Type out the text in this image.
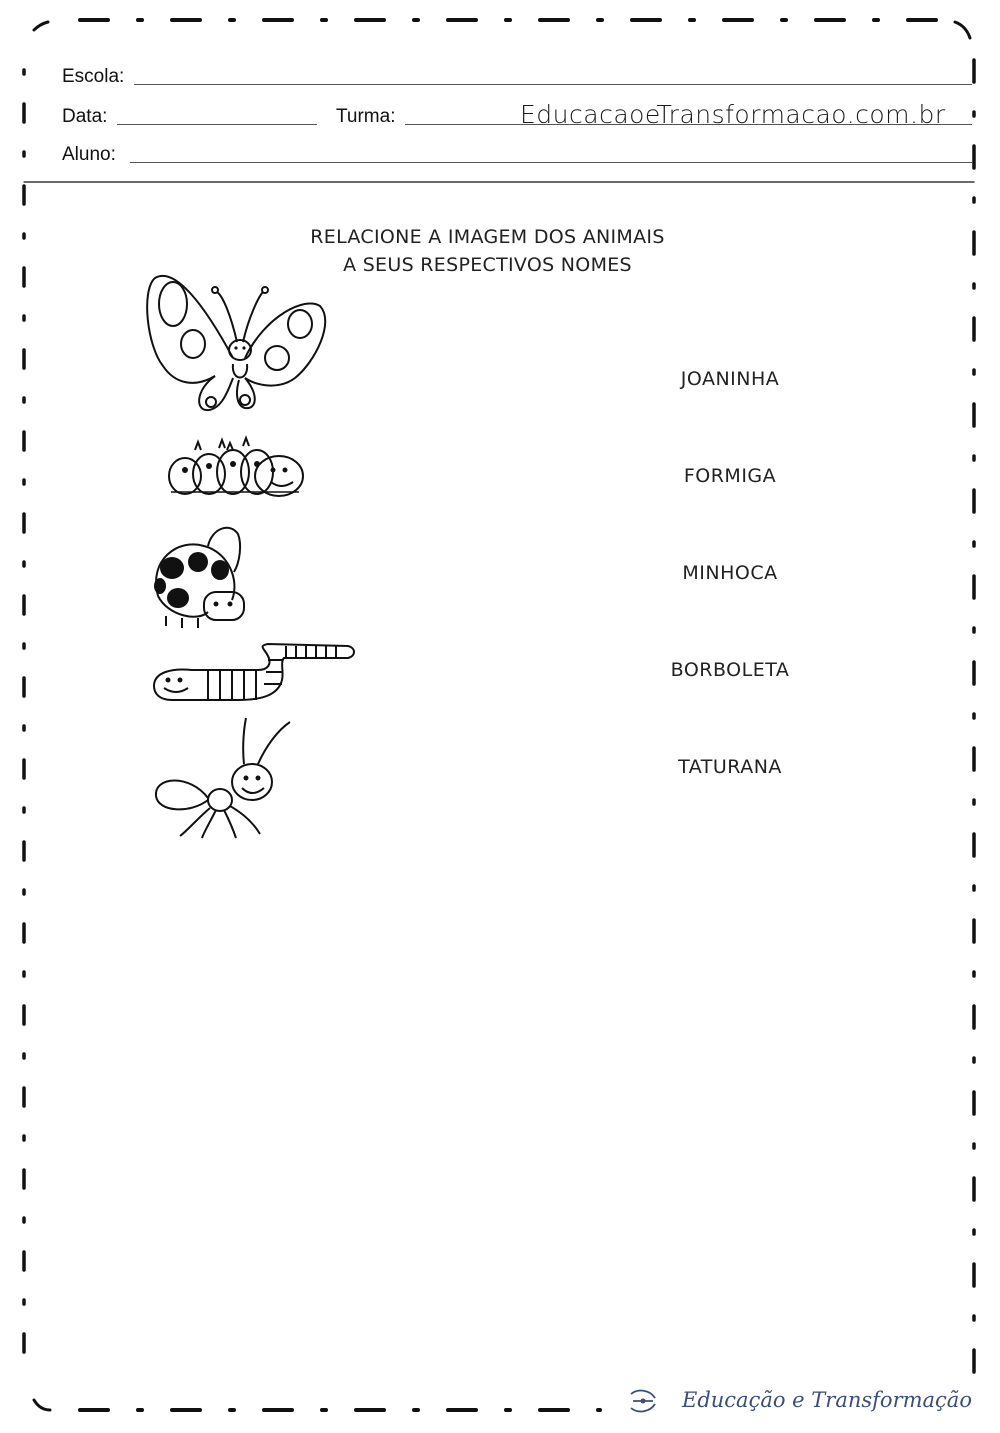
Escola:
Data:	Turma:	EducacaoeTransformacao.com.br
Aluno:
RELACIONE A IMAGEM DOS ANIMAIS
A SEUS RESPECTIVOS NOMES
JOANINHA
FORMIGA
MINHOCA
BORBOLETA
TATURANA
Educação e Transformação
